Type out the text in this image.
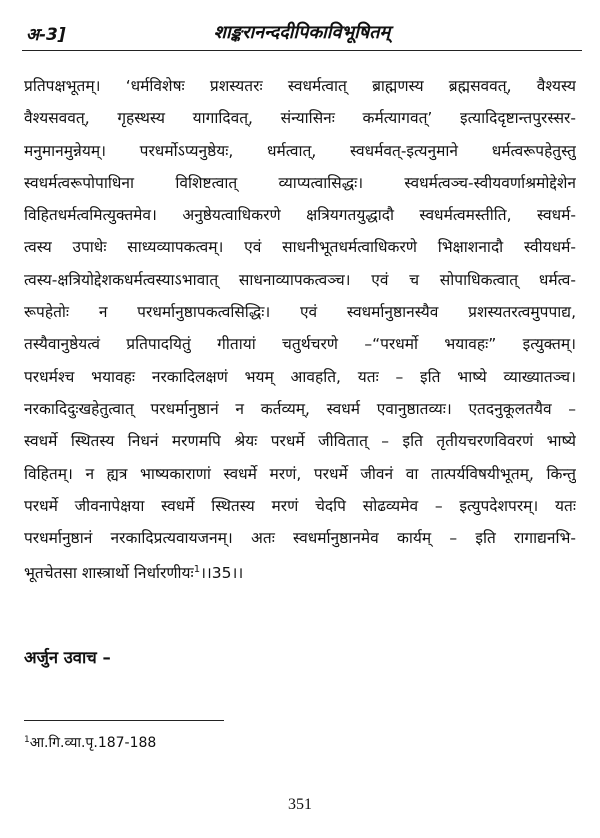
अ-3]	शाङ्करानन्ददीपिकाविभूषितम्
प्रतिपक्षभूतम्। ‘धर्मविशेषः प्रशस्यतरः स्वधर्मत्वात् ब्राह्मणस्य ब्रह्मसववत्, वैश्यस्य
वैश्यसववत्, गृहस्थस्य यागादिवत्, संन्यासिनः कर्मत्यागवत्’ इत्यादिदृष्टान्तपुरस्सर-
मनुमानमुन्नेयम्। परधर्मोऽप्यनुष्ठेयः, धर्मत्वात्, स्वधर्मवत्-इत्यनुमाने धर्मत्वरूपहेतुस्तु
स्वधर्मत्वरूपोपाधिना विशिष्टत्वात् व्याप्यत्वासिद्धः। स्वधर्मत्वञ्च-स्वीयवर्णाश्रमोद्देशेन
विहितधर्मत्वमित्युक्तमेव। अनुष्ठेयत्वाधिकरणे क्षत्रियगतयुद्धादौ स्वधर्मत्वमस्तीति, स्वधर्म-
त्वस्य उपाधेः साध्यव्यापकत्वम्। एवं साधनीभूतधर्मत्वाधिकरणे भिक्षाशनादौ स्वीयधर्म-
त्वस्य-क्षत्रियोद्देशकधर्मत्वस्याऽभावात् साधनाव्यापकत्वञ्च। एवं च सोपाधिकत्वात् धर्मत्व-
रूपहेतोः न परधर्मानुष्ठापकत्वसिद्धिः। एवं स्वधर्मानुष्ठानस्यैव प्रशस्यतरत्वमुपपाद्य,
तस्यैवानुष्ठेयत्वं प्रतिपादयितुं गीतायां चतुर्थचरणे –“परधर्मो भयावहः” इत्युक्तम्।
परधर्मश्च भयावहः नरकादिलक्षणं भयम् आवहति, यतः – इति भाष्ये व्याख्यातञ्च।
नरकादिदुःखहेतुत्वात् परधर्मानुष्ठानं न कर्तव्यम्, स्वधर्म एवानुष्ठातव्यः। एतदनुकूलतयैव –
स्वधर्मे स्थितस्य निधनं मरणमपि श्रेयः परधर्मे जीवितात् – इति तृतीयचरणविवरणं भाष्ये
विहितम्। न ह्यत्र भाष्यकाराणां स्वधर्मे मरणं, परधर्मे जीवनं वा तात्पर्यविषयीभूतम्, किन्तु
परधर्मे जीवनापेक्षया स्वधर्मे स्थितस्य मरणं चेदपि सोढव्यमेव – इत्युपदेशपरम्। यतः
परधर्मानुष्ठानं नरकादिप्रत्यवायजनम्। अतः स्वधर्मानुष्ठानमेव कार्यम् – इति रागाद्यनभि-
भूतचेतसा शास्त्रार्थो निर्धारणीयः$^1$।।35।।
अर्जुन उवाच –
$^1$आ.गि.व्या.पृ.187-188
351
